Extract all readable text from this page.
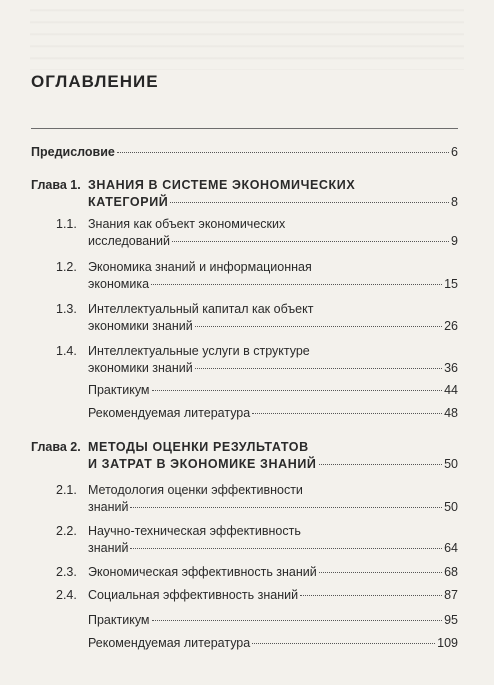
ОГЛАВЛЕНИЕ
Предисловие	6
Глава 1. ЗНАНИЯ В СИСТЕМЕ ЭКОНОМИЧЕСКИХ
КАТЕГОРИЙ	8
1.1. Знания как объект экономических
исследований	9
1.2. Экономика знаний и информационная
экономика	15
1.3. Интеллектуальный капитал как объект
экономики знаний	26
1.4. Интеллектуальные услуги в структуре
экономики знаний	36
Практикум	44
Рекомендуемая литература	48
Глава 2. МЕТОДЫ ОЦЕНКИ РЕЗУЛЬТАТОВ
И ЗАТРАТ В ЭКОНОМИКЕ ЗНАНИЙ	50
2.1. Методология оценки эффективности
знаний	50
2.2. Научно-техническая эффективность
знаний	64
2.3. Экономическая эффективность знаний	68
2.4. Социальная эффективность знаний	87
Практикум	95
Рекомендуемая литература	109
